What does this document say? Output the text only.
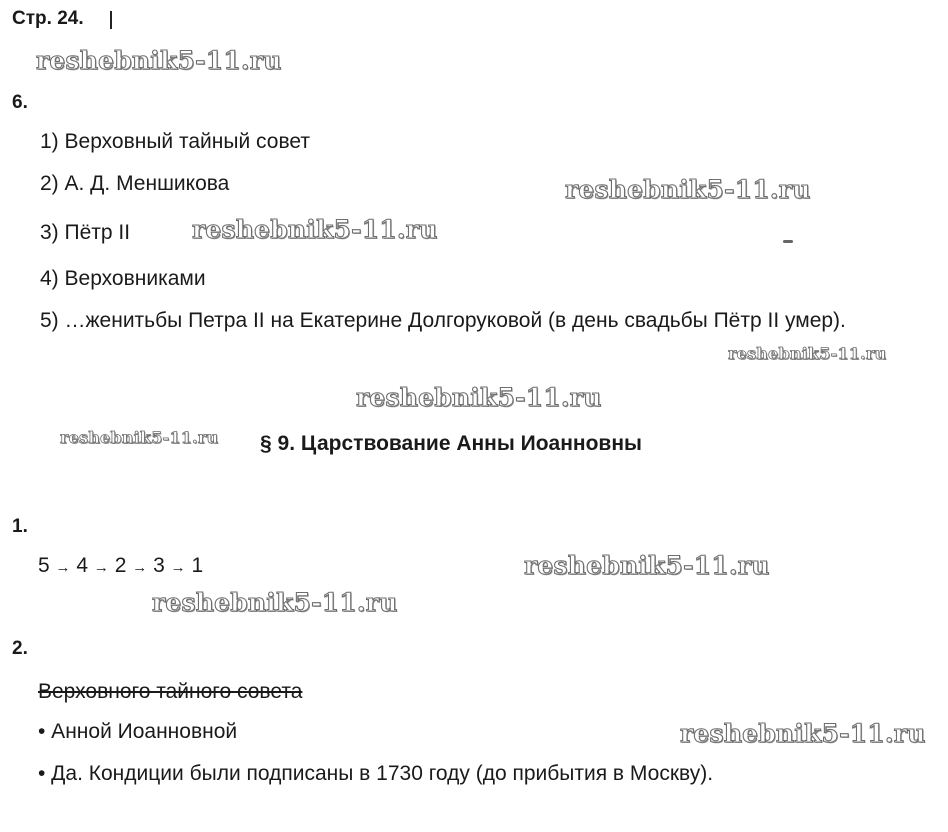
Стр. 24.
reshebnik5-11.ru
6.
1) Верховный тайный совет
2) А. Д. Меншикова	reshebnik5-11.ru
3) Пётр II reshebnik5-11.ru
4) Верховниками
5) …женитьбы Петра II на Екатерине Долгоруковой (в день свадьбы Пётр II умер).
reshebnik5-11.ru
reshebnik5-11.ru
reshebnik5-11.ru § 9. Царствование Анны Иоанновны
1.
5 → 4 → 2 → 3 → 1	reshebnik5-11.ru
reshebnik5-11.ru
2.
Верховного тайного совета
• Анной Иоанновной	reshebnik5-11.ru
• Да. Кондиции были подписаны в 1730 году (до прибытия в Москву).
